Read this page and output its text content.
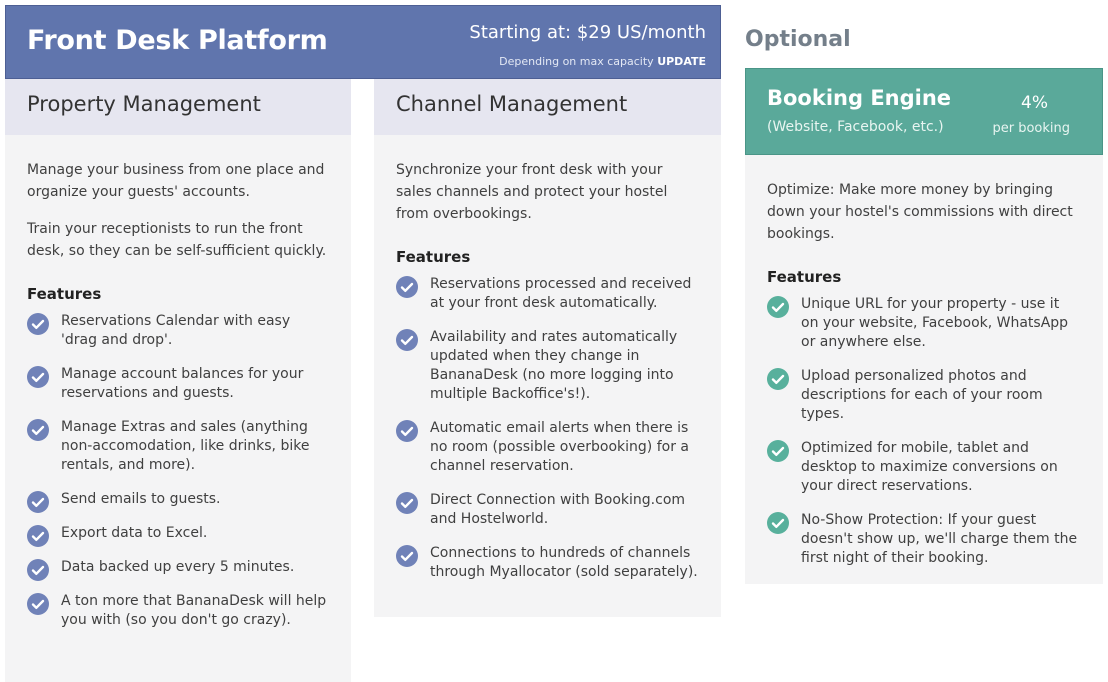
Front Desk Platform	Starting at: $29 US/month
Depending on max capacity UPDATE
Optional
Property Management
Manage your business from one place and organize your guests' accounts.
Train your receptionists to run the front desk, so they can be self-sufficient quickly.
Features
Reservations Calendar with easy 'drag and drop'.
Manage account balances for your reservations and guests.
Manage Extras and sales (anything non-accomodation, like drinks, bike rentals, and more).
Send emails to guests.
Export data to Excel.
Data backed up every 5 minutes.
A ton more that BananaDesk will help you with (so you don't go crazy).
Channel Management
Synchronize your front desk with your sales channels and protect your hostel from overbookings.
Features
Reservations processed and received at your front desk automatically.
Availability and rates automatically updated when they change in BananaDesk (no more logging into multiple Backoffice's!).
Automatic email alerts when there is no room (possible overbooking) for a channel reservation.
Direct Connection with Booking.com and Hostelworld.
Connections to hundreds of channels through Myallocator (sold separately).
Booking Engine
(Website, Facebook, etc.)
4%
per booking
Optimize: Make more money by bringing down your hostel's commissions with direct bookings.
Features
Unique URL for your property - use it on your website, Facebook, WhatsApp or anywhere else.
Upload personalized photos and descriptions for each of your room types.
Optimized for mobile, tablet and desktop to maximize conversions on your direct reservations.
No-Show Protection: If your guest doesn't show up, we'll charge them the first night of their booking.
